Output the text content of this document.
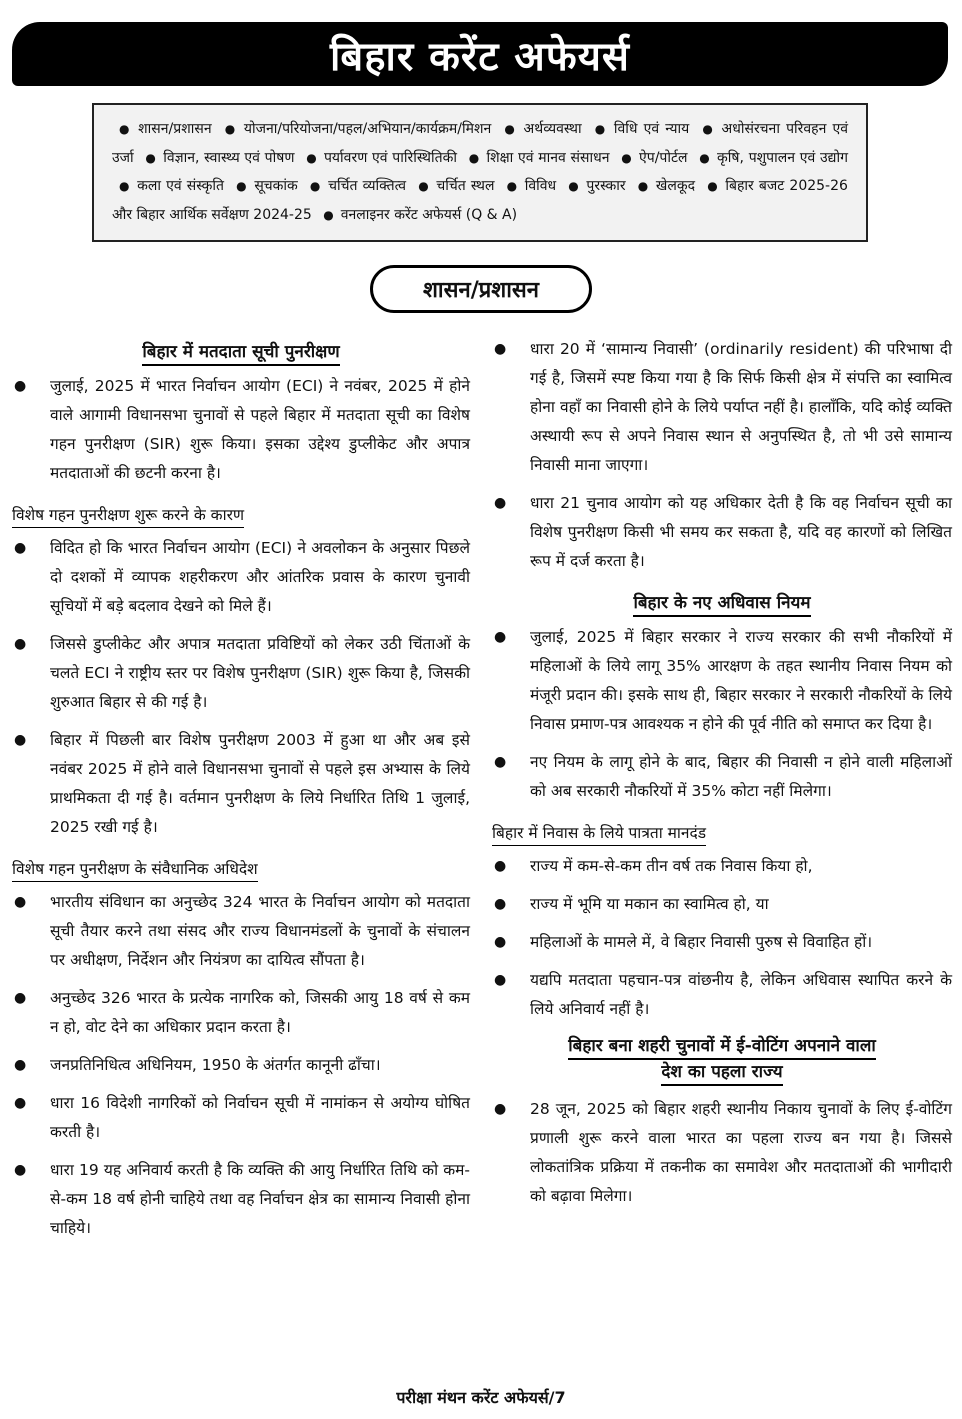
बिहार करेंट अफेयर्स
● शासन/प्रशासन ● योजना/परियोजना/पहल/अभियान/कार्यक्रम/मिशन ● अर्थव्यवस्था ● विधि एवं न्याय ● अधोसंरचना परिवहन एवं उर्जा ● विज्ञान, स्वास्थ्य एवं पोषण ● पर्यावरण एवं पारिस्थितिकी ● शिक्षा एवं मानव संसाधन ● ऐप/पोर्टल ● कृषि, पशुपालन एवं उद्योग ● कला एवं संस्कृति ● सूचकांक ● चर्चित व्यक्तित्व ● चर्चित स्थल ● विविध ● पुरस्कार ● खेलकूद ● बिहार बजट 2025-26 और बिहार आर्थिक सर्वेक्षण 2024-25 ● वनलाइनर करेंट अफेयर्स (Q & A)
शासन/प्रशासन
बिहार में मतदाता सूची पुनरीक्षण
● जुलाई, 2025 में भारत निर्वाचन आयोग (ECI) ने नवंबर, 2025 में होने वाले आगामी विधानसभा चुनावों से पहले बिहार में मतदाता सूची का विशेष गहन पुनरीक्षण (SIR) शुरू किया। इसका उद्देश्य डुप्लीकेट और अपात्र मतदाताओं की छटनी करना है।
विशेष गहन पुनरीक्षण शुरू करने के कारण
● विदित हो कि भारत निर्वाचन आयोग (ECI) ने अवलोकन के अनुसार पिछले दो दशकों में व्यापक शहरीकरण और आंतरिक प्रवास के कारण चुनावी सूचियों में बड़े बदलाव देखने को मिले हैं।
● जिससे डुप्लीकेट और अपात्र मतदाता प्रविष्टियों को लेकर उठी चिंताओं के चलते ECI ने राष्ट्रीय स्तर पर विशेष पुनरीक्षण (SIR) शुरू किया है, जिसकी शुरुआत बिहार से की गई है।
● बिहार में पिछली बार विशेष पुनरीक्षण 2003 में हुआ था और अब इसे नवंबर 2025 में होने वाले विधानसभा चुनावों से पहले इस अभ्यास के लिये प्राथमिकता दी गई है। वर्तमान पुनरीक्षण के लिये निर्धारित तिथि 1 जुलाई, 2025 रखी गई है।
विशेष गहन पुनरीक्षण के संवैधानिक अधिदेश
● भारतीय संविधान का अनुच्छेद 324 भारत के निर्वाचन आयोग को मतदाता सूची तैयार करने तथा संसद और राज्य विधानमंडलों के चुनावों के संचालन पर अधीक्षण, निर्देशन और नियंत्रण का दायित्व सौंपता है।
● अनुच्छेद 326 भारत के प्रत्येक नागरिक को, जिसकी आयु 18 वर्ष से कम न हो, वोट देने का अधिकार प्रदान करता है।
● जनप्रतिनिधित्व अधिनियम, 1950 के अंतर्गत कानूनी ढाँचा।
● धारा 16 विदेशी नागरिकों को निर्वाचन सूची में नामांकन से अयोग्य घोषित करती है।
● धारा 19 यह अनिवार्य करती है कि व्यक्ति की आयु निर्धारित तिथि को कम-से-कम 18 वर्ष होनी चाहिये तथा वह निर्वाचन क्षेत्र का सामान्य निवासी होना चाहिये।
● धारा 20 में ‘सामान्य निवासी’ (ordinarily resident) की परिभाषा दी गई है, जिसमें स्पष्ट किया गया है कि सिर्फ किसी क्षेत्र में संपत्ति का स्वामित्व होना वहाँ का निवासी होने के लिये पर्याप्त नहीं है। हालाँकि, यदि कोई व्यक्ति अस्थायी रूप से अपने निवास स्थान से अनुपस्थित है, तो भी उसे सामान्य निवासी माना जाएगा।
● धारा 21 चुनाव आयोग को यह अधिकार देती है कि वह निर्वाचन सूची का विशेष पुनरीक्षण किसी भी समय कर सकता है, यदि वह कारणों को लिखित रूप में दर्ज करता है।
बिहार के नए अधिवास नियम
● जुलाई, 2025 में बिहार सरकार ने राज्य सरकार की सभी नौकरियों में महिलाओं के लिये लागू 35% आरक्षण के तहत स्थानीय निवास नियम को मंजूरी प्रदान की। इसके साथ ही, बिहार सरकार ने सरकारी नौकरियों के लिये निवास प्रमाण-पत्र आवश्यक न होने की पूर्व नीति को समाप्त कर दिया है।
● नए नियम के लागू होने के बाद, बिहार की निवासी न होने वाली महिलाओं को अब सरकारी नौकरियों में 35% कोटा नहीं मिलेगा।
बिहार में निवास के लिये पात्रता मानदंड
● राज्य में कम-से-कम तीन वर्ष तक निवास किया हो,
● राज्य में भूमि या मकान का स्वामित्व हो, या
● महिलाओं के मामले में, वे बिहार निवासी पुरुष से विवाहित हों।
● यद्यपि मतदाता पहचान-पत्र वांछनीय है, लेकिन अधिवास स्थापित करने के लिये अनिवार्य नहीं है।
बिहार बना शहरी चुनावों में ई-वोटिंग अपनाने वाला
देश का पहला राज्य
● 28 जून, 2025 को बिहार शहरी स्थानीय निकाय चुनावों के लिए ई-वोटिंग प्रणाली शुरू करने वाला भारत का पहला राज्य बन गया है। जिससे लोकतांत्रिक प्रक्रिया में तकनीक का समावेश और मतदाताओं की भागीदारी को बढ़ावा मिलेगा।
परीक्षा मंथन करेंट अफेयर्स/7
